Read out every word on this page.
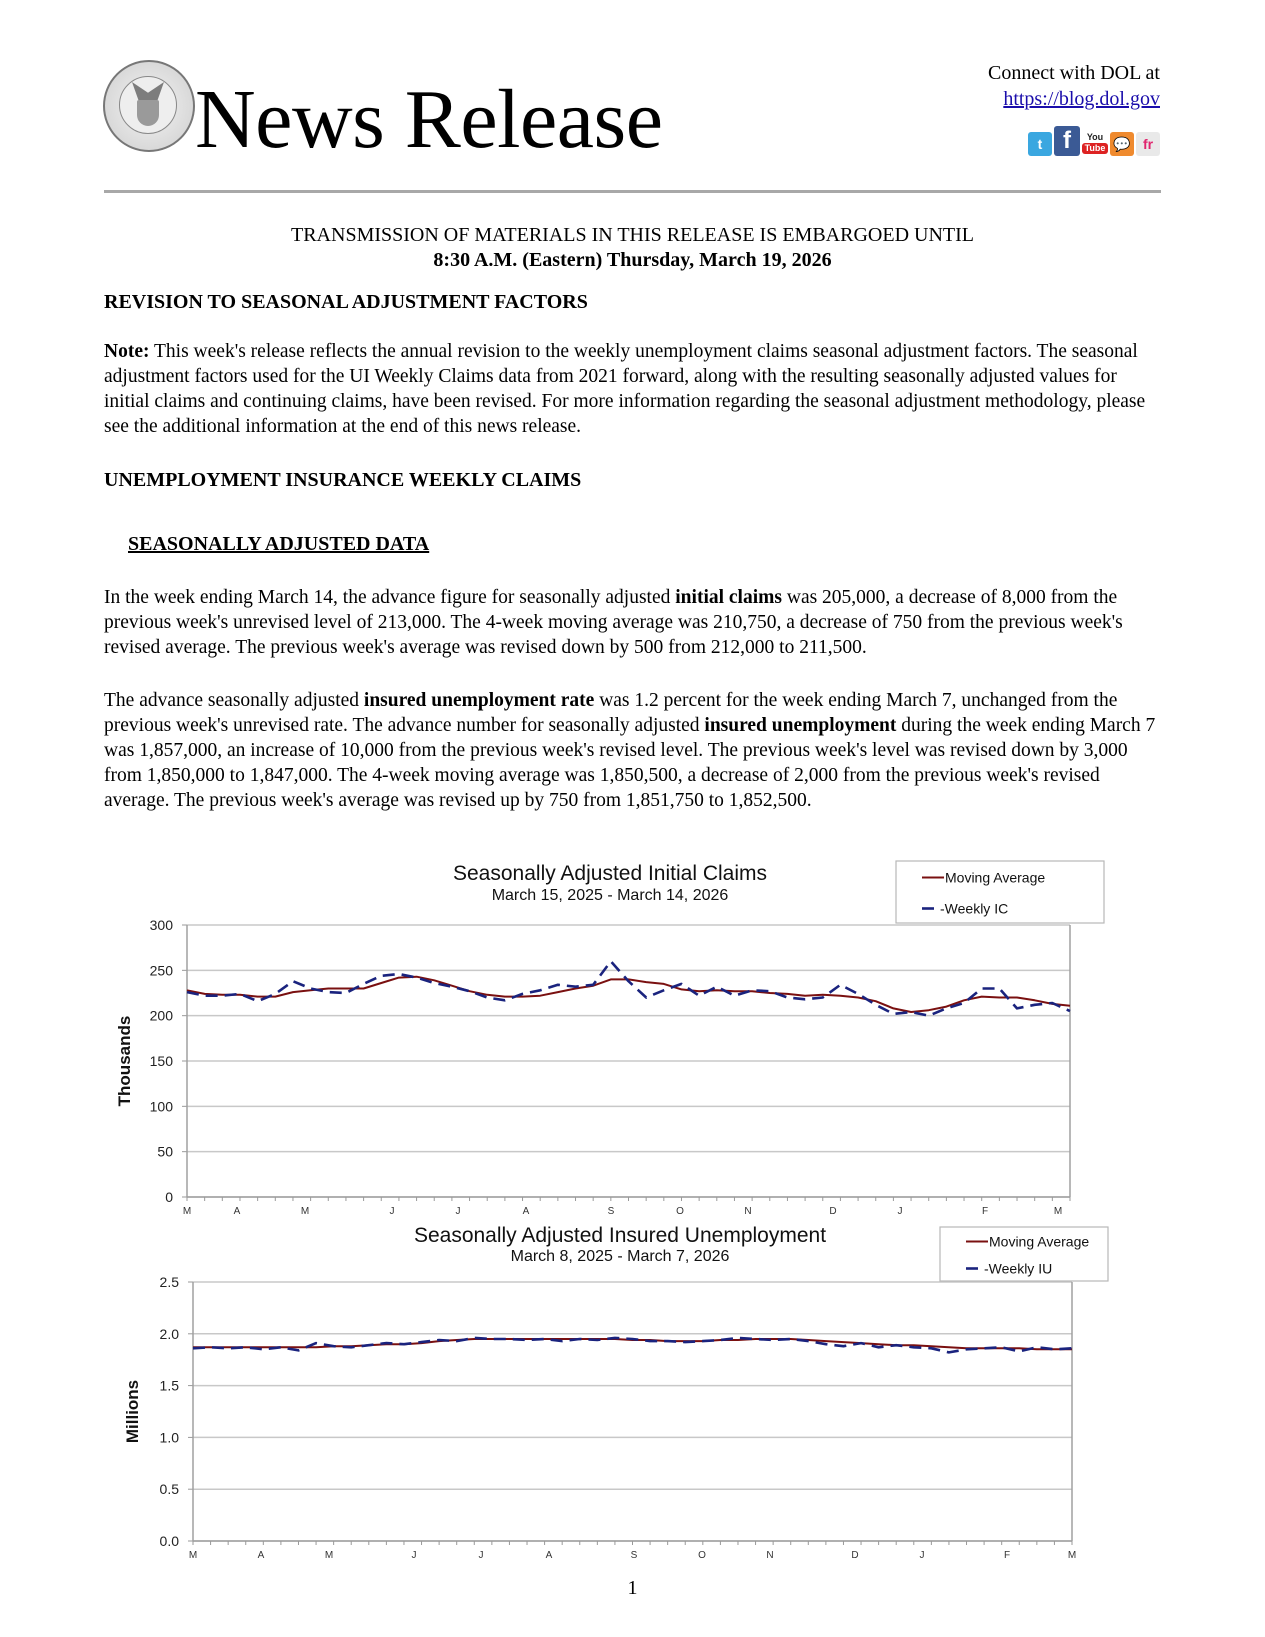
News Release	Connect with DOL at
https://blog.dol.gov
t f	You
Tube 💬 fr
TRANSMISSION OF MATERIALS IN THIS RELEASE IS EMBARGOED UNTIL
8:30 A.M. (Eastern) Thursday, March 19, 2026
REVISION TO SEASONAL ADJUSTMENT FACTORS
Note: This week's release reflects the annual revision to the weekly unemployment claims seasonal adjustment factors. The seasonal adjustment factors used for the UI Weekly Claims data from 2021 forward, along with the resulting seasonally adjusted values for initial claims and continuing claims, have been revised. For more information regarding the seasonal adjustment methodology, please see the additional information at the end of this news release.
UNEMPLOYMENT INSURANCE WEEKLY CLAIMS
SEASONALLY ADJUSTED DATA
In the week ending March 14, the advance figure for seasonally adjusted initial claims was 205,000, a decrease of 8,000 from the previous week's unrevised level of 213,000. The 4-week moving average was 210,750, a decrease of 750 from the previous week's revised average. The previous week's average was revised down by 500 from 212,000 to 211,500.
The advance seasonally adjusted insured unemployment rate was 1.2 percent for the week ending March 7, unchanged from the previous week's unrevised rate. The advance number for seasonally adjusted insured unemployment during the week ending March 7 was 1,857,000, an increase of 10,000 from the previous week's revised level. The previous week's level was revised down by 3,000 from 1,850,000 to 1,847,000. The 4-week moving average was 1,850,500, a decrease of 2,000 from the previous week's revised average. The previous week's average was revised up by 750 from 1,851,750 to 1,852,500.
Seasonally Adjusted Initial Claims
March 15, 2025 - March 14, 2026
0
50
100
150
200
250
300
M	A	M	J	J	A	S	O	N	D	J	F	M
Thousands
Moving Average
-Weekly IC
Seasonally Adjusted Insured Unemployment
March 8, 2025 - March 7, 2026
0.0
0.5
1.0
1.5
2.0
2.5
M	A	M	J	J	A	S	O	N	D	J	F	M
Millions
Moving Average
-Weekly IU
1
